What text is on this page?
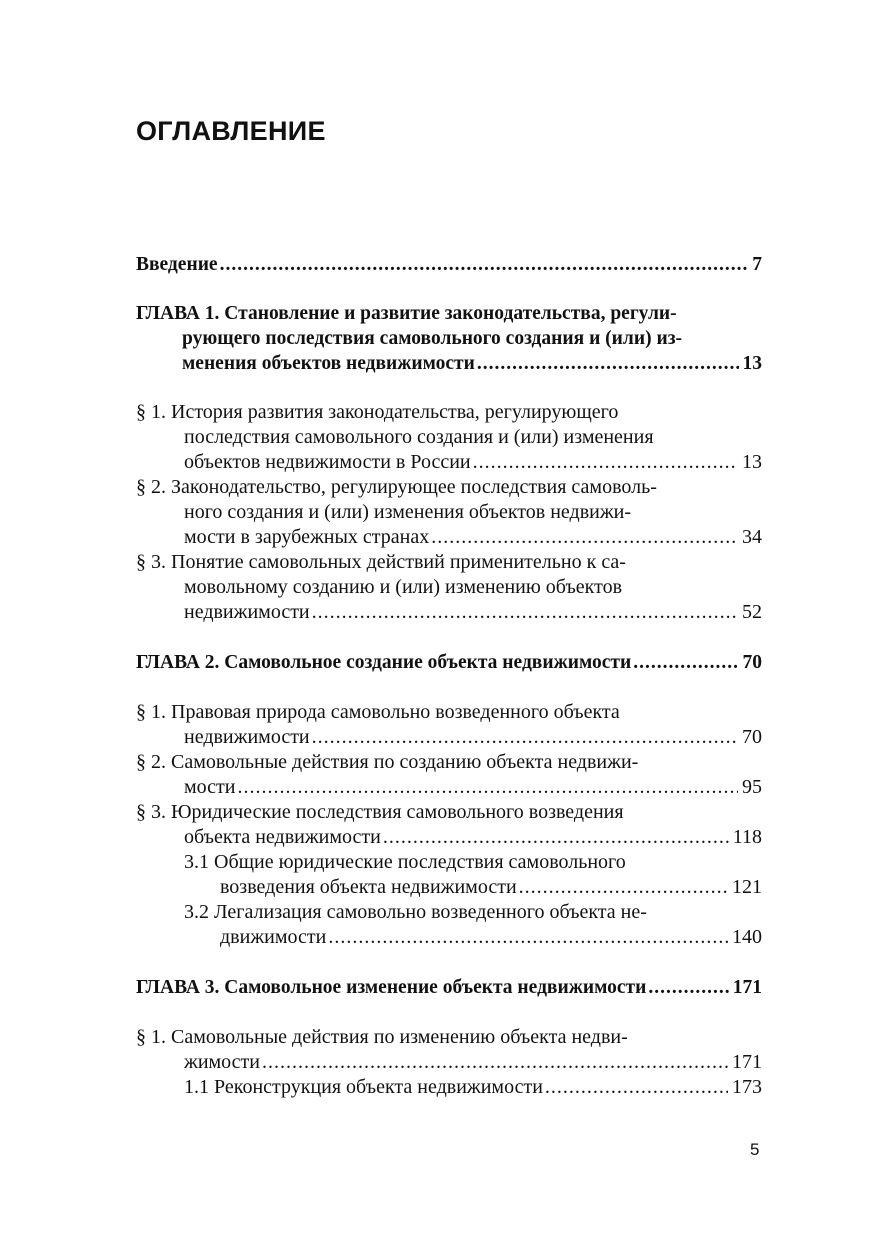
ОГЛАВЛЕНИЕ
Введение .....	7
ГЛАВА 1. Становление и развитие законодательства, регули-
рующего последствия самовольного создания и (или) из-
менения объектов недвижимости .....	13
§ 1. История развития законодательства, регулирующего
последствия самовольного создания и (или) изменения
объектов недвижимости в России .....	13
§ 2. Законодательство, регулирующее последствия самоволь-
ного создания и (или) изменения объектов недвижи-
мости в зарубежных странах .....	34
§ 3. Понятие самовольных действий применительно к са-
мовольному созданию и (или) изменению объектов
недвижимости .....	52
ГЛАВА 2. Самовольное создание объекта недвижимости .....	70
§ 1. Правовая природа самовольно возведенного объекта
недвижимости .....	70
§ 2. Самовольные действия по созданию объекта недвижи-
мости .....	95
§ 3. Юридические последствия самовольного возведения
объекта недвижимости .....	118
3.1 Общие юридические последствия самовольного
возведения объекта недвижимости .....	121
3.2 Легализация самовольно возведенного объекта не-
движимости .....	140
ГЛАВА 3. Самовольное изменение объекта недвижимости .....	171
§ 1. Самовольные действия по изменению объекта недви-
жимости .....	171
1.1 Реконструкция объекта недвижимости .....	173
5
